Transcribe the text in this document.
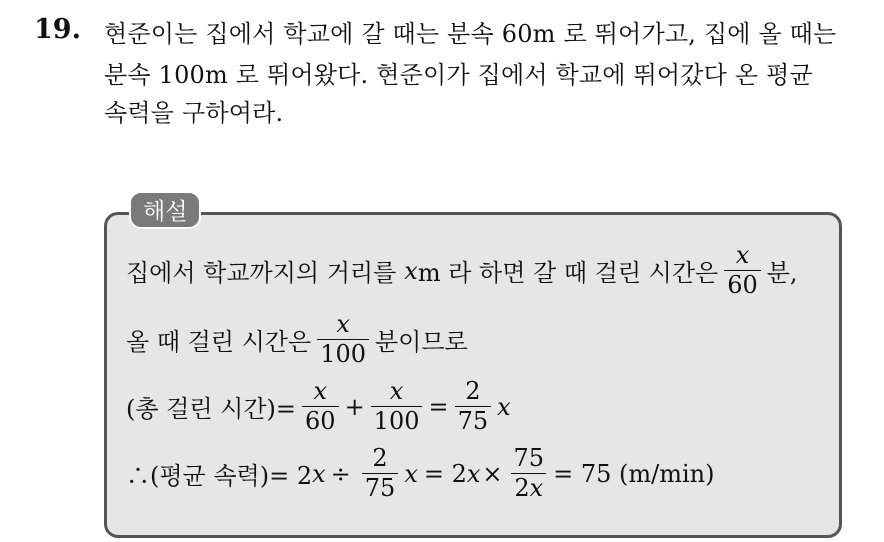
19. 현준이는 집에서 학교에 갈 때는 분속 60m 로 뛰어가고, 집에 올 때는
분속 100m 로 뛰어왔다. 현준이가 집에서 학교에 뛰어갔다 온 평균
속력을 구하여라.
해설
집에서 학교까지의 거리를 x m 라 하면 갈 때 걸린 시간은 $\frac{x}{60}$ 분,
올 때 걸린 시간은 $\frac{x}{100}$ 분이므로
(총 걸린 시간)= $\frac{x}{60} + \frac{x}{100} = \frac{2}{75}$ x
∴(평균 속력)= 2 $x \div \frac{2}{75}$ x = 2 $x \times \frac{75}{2x} = 75$ (m/min)
